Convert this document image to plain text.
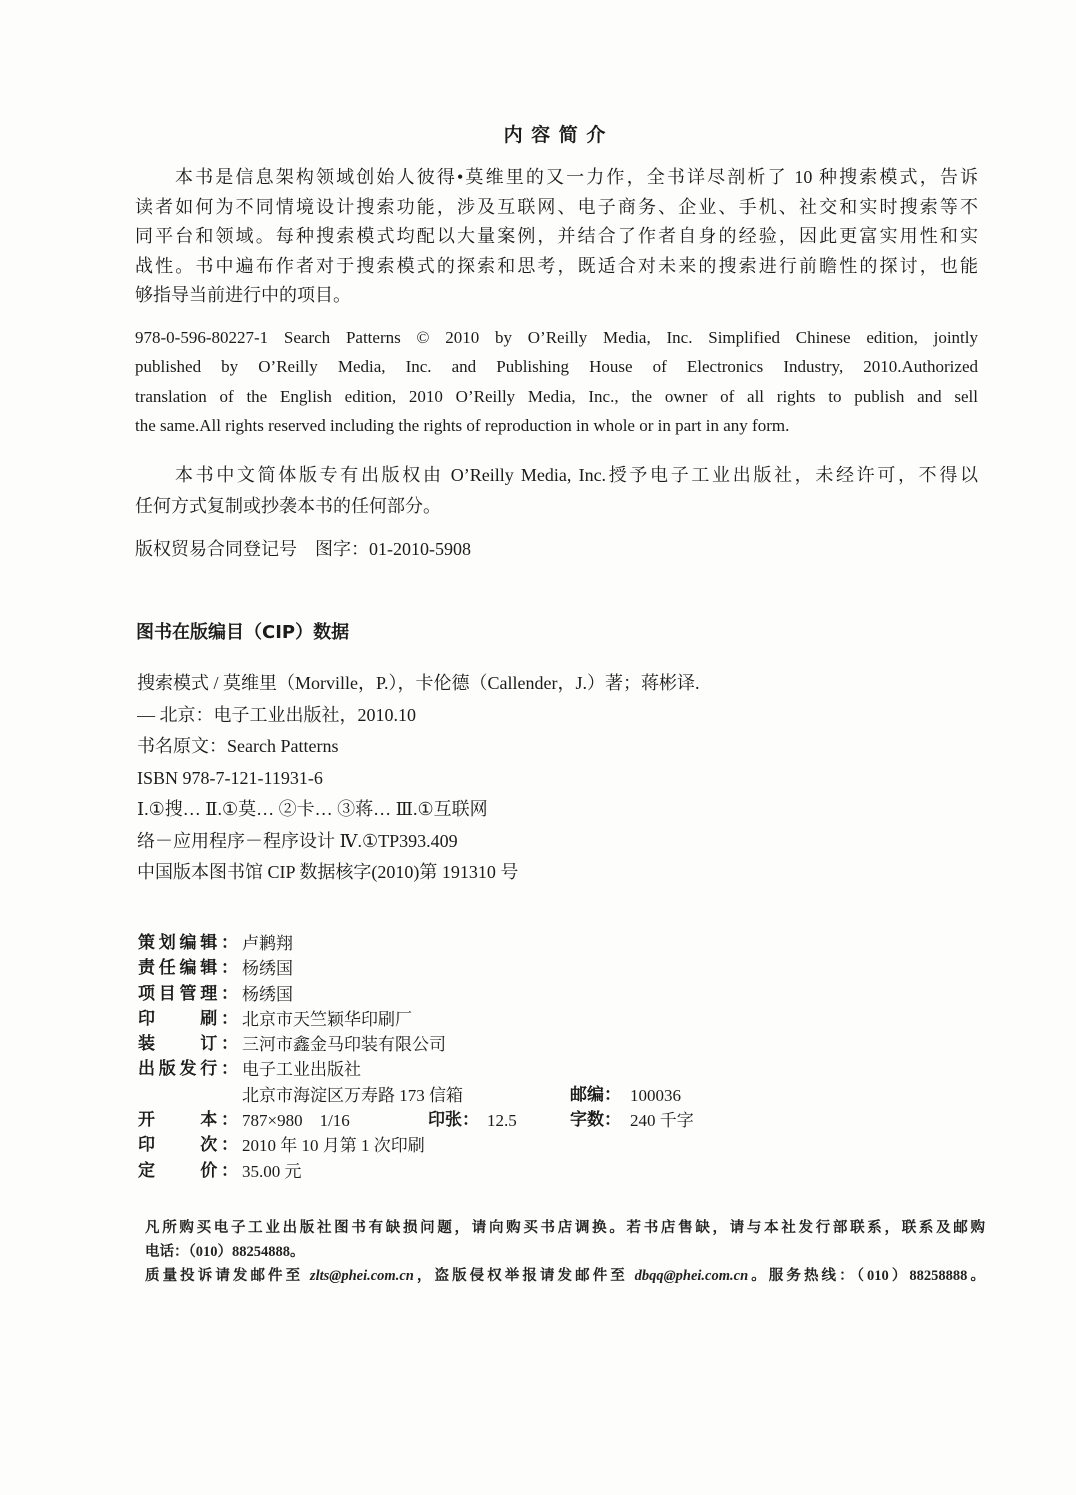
内 容 简 介
本书是信息架构领域创始人彼得•莫维里的又一力作，全书详尽剖析了 10 种搜索模式，告诉
读者如何为不同情境设计搜索功能，涉及互联网、电子商务、企业、手机、社交和实时搜索等不
同平台和领域。每种搜索模式均配以大量案例，并结合了作者自身的经验，因此更富实用性和实
战性。书中遍布作者对于搜索模式的探索和思考，既适合对未来的搜索进行前瞻性的探讨，也能
够指导当前进行中的项目。
978-0-596-80227-1 Search Patterns © 2010 by O’Reilly Media, Inc. Simplified Chinese edition, jointly
published by O’Reilly Media, Inc. and Publishing House of Electronics Industry, 2010.Authorized
translation of the English edition, 2010 O’Reilly Media, Inc., the owner of all rights to publish and sell
the same.All rights reserved including the rights of reproduction in whole or in part in any form.
本书中文简体版专有出版权由 O’Reilly Media, Inc.授予电子工业出版社，未经许可，不得以
任何方式复制或抄袭本书的任何部分。
版权贸易合同登记号　图字：01-2010-5908
图书在版编目（CIP）数据
搜索模式 / 莫维里（Morville，P.），卡伦德（Callender，J.）著；蒋彬译.
— 北京：电子工业出版社，2010.10
书名原文：Search Patterns
ISBN 978-7-121-11931-6
Ⅰ.①搜… Ⅱ.①莫… ②卡… ③蒋… Ⅲ.①互联网
络－应用程序－程序设计 Ⅳ.①TP393.409
中国版本图书馆 CIP 数据核字(2010)第 191310 号
策划编辑： 卢鹣翔
责任编辑： 杨绣国
项目管理： 杨绣国
印　　刷： 北京市天竺颖华印刷厂
装　　订： 三河市鑫金马印装有限公司
出版发行： 电子工业出版社
北京市海淀区万寿路 173 信箱	邮编： 100036
开　　本： 787×980　1/16	印张： 12.5	字数： 240 千字
印　　次： 2010 年 10 月第 1 次印刷
定　　价： 35.00 元
凡所购买电子工业出版社图书有缺损问题，请向购买书店调换。若书店售缺，请与本社发行部联系，联系及邮购
电话：（010）88254888。
质量投诉请发邮件至 zlts@phei.com.cn，盗版侵权举报请发邮件至 dbqq@phei.com.cn。服务热线：（010）88258888。
